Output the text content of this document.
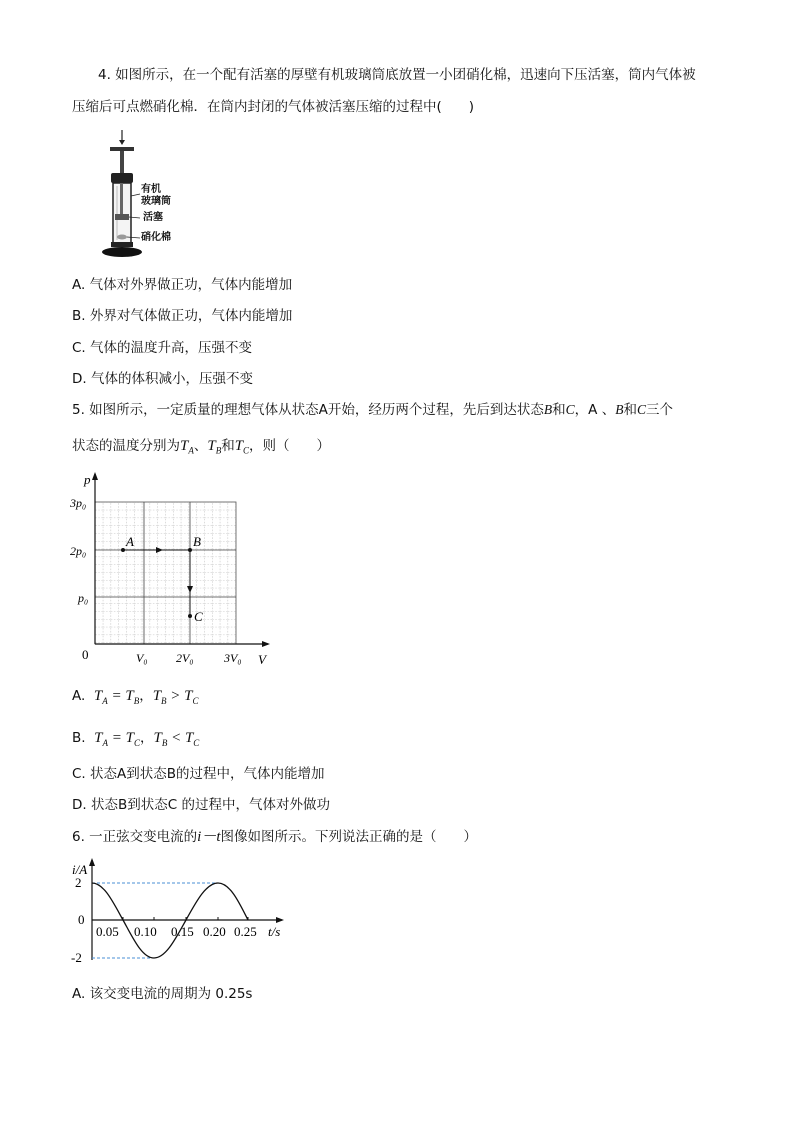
4. 如图所示，在一个配有活塞的厚壁有机玻璃筒底放置一小团硝化棉，迅速向下压活塞，筒内气体被
压缩后可点燃硝化棉．在筒内封闭的气体被活塞压缩的过程中(　　)
有机
玻璃筒
活塞
硝化棉
A. 气体对外界做正功，气体内能增加
B. 外界对气体做正功，气体内能增加
C. 气体的温度升高，压强不变
D. 气体的体积减小，压强不变
5. 如图所示，一定质量的理想气体从状态A开始，经历两个过程，先后到达状态B和C，A 、B和C三个
状态的温度分别为$T_A$、$T_B$和$T_C$，则（　　）
p
V
0
3p₀
2p₀
p₀
V₀ 2V₀	3V₀
A	B
C
A. $T_A = T_B$，$T_B > T_C$
B. $T_A = T_C$，$T_B < T_C$
C. 状态A到状态B的过程中，气体内能增加
D. 状态B到状态C 的过程中，气体对外做功
6. 一正弦交变电流的i－t图像如图所示。下列说法正确的是（　　）
i/A
t/s
2
0
-2
0.05 0.10 0.15 0.20 0.25
A. 该交变电流的周期为 0.25s
